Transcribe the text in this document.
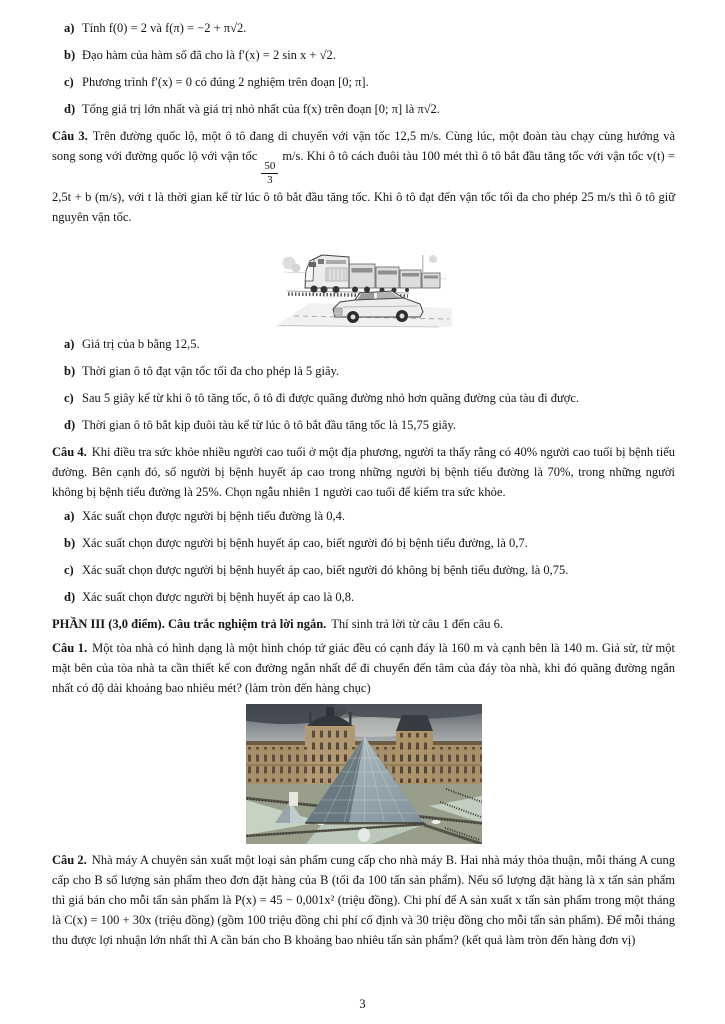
a) Tính f(0) = 2 và f(π) = −2 + π√2.
b) Đạo hàm của hàm số đã cho là f′(x) = 2 sin x + √2.
c) Phương trình f′(x) = 0 có đúng 2 nghiệm trên đoạn [0; π].
d) Tổng giá trị lớn nhất và giá trị nhỏ nhất của f(x) trên đoạn [0; π] là π√2.

Câu 3. Trên đường quốc lộ, một ô tô đang di chuyển với vận tốc 12,5 m/s. Cùng lúc, một đoàn tàu chạy cùng hướng và song song với đường quốc lộ với vận tốc
$\frac{50}{3}$
m/s. Khi ô tô cách đuôi tàu 100 mét thì ô tô bắt đầu tăng tốc với vận tốc v(t) = 2,5t + b (m/s), với t là thời gian kể từ lúc ô tô bắt đầu tăng tốc. Khi ô tô đạt đến vận tốc tối đa cho phép 25 m/s thì ô tô giữ nguyên vận tốc.

a) Giá trị của b bằng 12,5.
b) Thời gian ô tô đạt vận tốc tối đa cho phép là 5 giây.
c) Sau 5 giây kể từ khi ô tô tăng tốc, ô tô đi được quãng đường nhỏ hơn quãng đường của tàu đi được.
d) Thời gian ô tô bắt kịp đuôi tàu kể từ lúc ô tô bắt đầu tăng tốc là 15,75 giây.

Câu 4. Khi điều tra sức khỏe nhiều người cao tuổi ở một địa phương, người ta thấy rằng có 40% người cao tuổi bị bệnh tiểu đường. Bên cạnh đó, số người bị bệnh huyết áp cao trong những người bị bệnh tiểu đường là 70%, trong những người không bị bệnh tiểu đường là 25%. Chọn ngẫu nhiên 1 người cao tuổi để kiểm tra sức khỏe.

a) Xác suất chọn được người bị bệnh tiểu đường là 0,4.
b) Xác suất chọn được người bị bệnh huyết áp cao, biết người đó bị bệnh tiểu đường, là 0,7.
c) Xác suất chọn được người bị bệnh huyết áp cao, biết người đó không bị bệnh tiểu đường, là 0,75.
d) Xác suất chọn được người bị bệnh huyết áp cao là 0,8.

PHẦN III (3,0 điểm). Câu trắc nghiệm trả lời ngắn. Thí sinh trả lời từ câu 1 đến câu 6.

Câu 1. Một tòa nhà có hình dạng là một hình chóp tứ giác đều có cạnh đáy là 160 m và cạnh bên là 140 m. Giả sử, từ một mặt bên của tòa nhà ta cần thiết kế con đường ngắn nhất để đi chuyển đến tâm của đáy tòa nhà, khi đó quãng đường ngắn nhất có độ dài khoảng bao nhiêu mét? (làm tròn đến hàng chục)

Câu 2. Nhà máy A chuyên sản xuất một loại sản phẩm cung cấp cho nhà máy B. Hai nhà máy thỏa thuận, mỗi tháng A cung cấp cho B số lượng sản phẩm theo đơn đặt hàng của B (tối đa 100 tấn sản phẩm). Nếu số lượng đặt hàng là x tấn sản phẩm thì giá bán cho mỗi tấn sản phẩm là P(x) = 45 − 0,001x² (triệu đồng). Chi phí để A sản xuất x tấn sản phẩm trong một tháng là C(x) = 100 + 30x (triệu đồng) (gồm 100 triệu đồng chi phí cố định và 30 triệu đồng cho mỗi tấn sản phẩm). Để mỗi tháng thu được lợi nhuận lớn nhất thì A cần bán cho B khoảng bao nhiêu tấn sản phẩm? (kết quả làm tròn đến hàng đơn vị)

3
